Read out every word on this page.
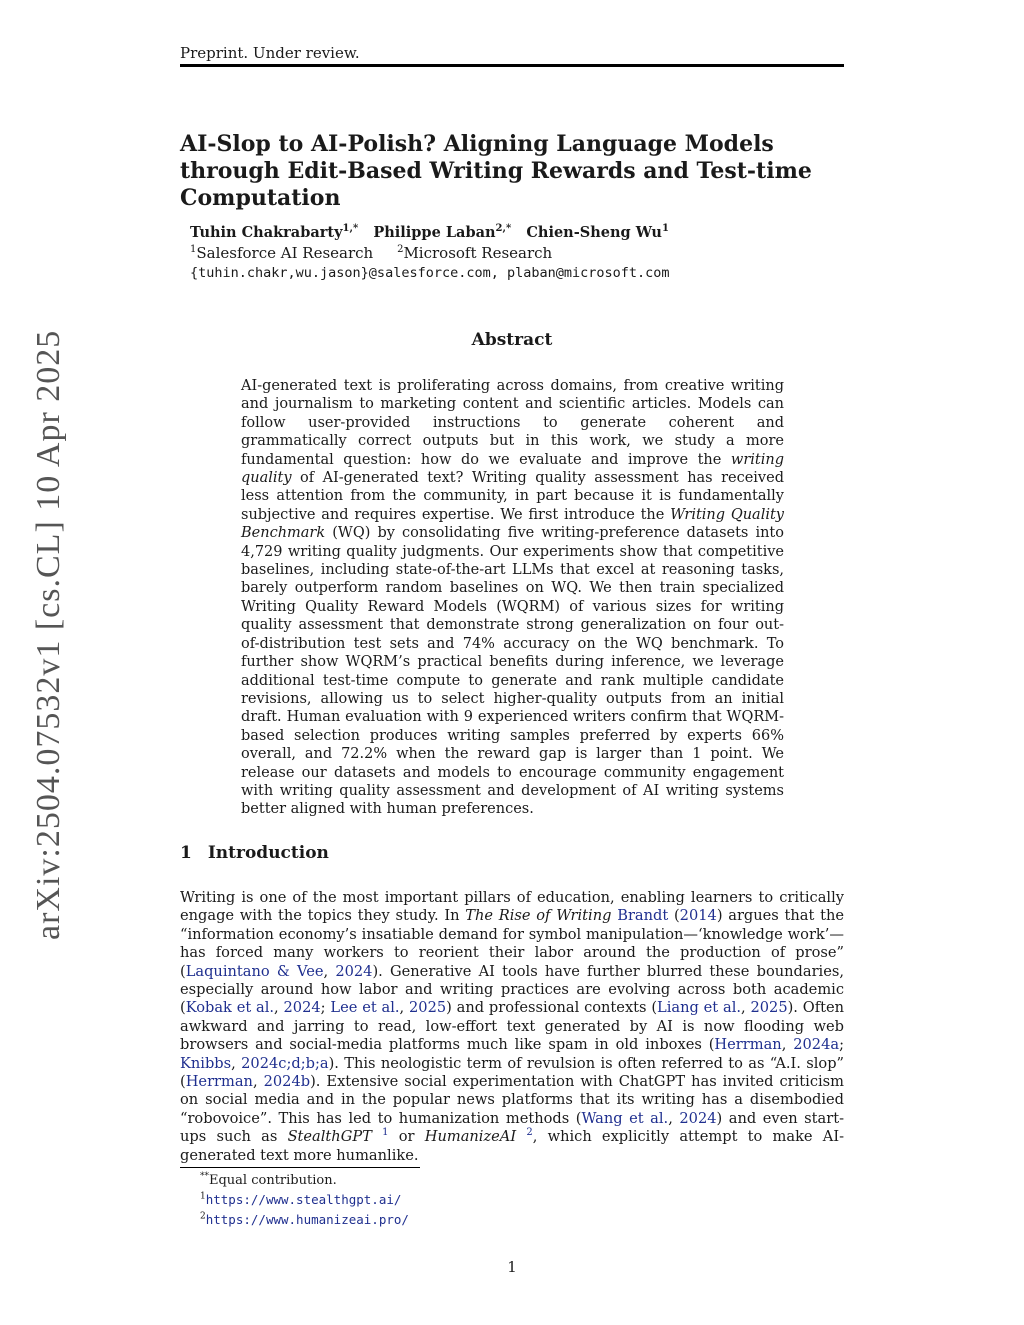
Preprint. Under review.
arXiv:2504.07532v1 [cs.CL] 10 Apr 2025
AI-Slop to AI-Polish? Aligning Language Models through Edit-Based Writing Rewards and Test-time Computation
Tuhin Chakrabarty$^{1,*}$ Philippe Laban$^{2,*}$ Chien-Sheng Wu$^1$
$^1$Salesforce AI Research $^2$Microsoft Research
{tuhin.chakr,wu.jason}@salesforce.com, plaban@microsoft.com
Abstract
AI-generated text is proliferating across domains, from creative writing and journalism to marketing content and scientific articles. Models can follow user-provided instructions to generate coherent and grammatically correct outputs but in this work, we study a more fundamental question: how do we evaluate and improve the writing quality of AI-generated text? Writing quality assessment has received less attention from the community, in part because it is fundamentally subjective and requires expertise. We first introduce the Writing Quality Benchmark (WQ) by consolidating five writing-preference datasets into 4,729 writing quality judgments. Our experiments show that competitive baselines, including state-of-the-art LLMs that excel at reasoning tasks, barely outperform random baselines on WQ. We then train specialized Writing Quality Reward Models (WQRM) of various sizes for writing quality assessment that demonstrate strong generalization on four out-of-distribution test sets and 74% accuracy on the WQ benchmark. To further show WQRM’s practical benefits during inference, we leverage additional test-time compute to generate and rank multiple candidate revisions, allowing us to select higher-quality outputs from an initial draft. Human evaluation with 9 experienced writers confirm that WQRM-based selection produces writing samples preferred by experts 66% overall, and 72.2% when the reward gap is larger than 1 point. We release our datasets and models to encourage community engagement with writing quality assessment and development of AI writing systems better aligned with human preferences.
1 Introduction
Writing is one of the most important pillars of education, enabling learners to critically engage with the topics they study. In The Rise of Writing Brandt (2014) argues that the “information economy’s insatiable demand for symbol manipulation—‘knowledge work’—has forced many workers to reorient their labor around the production of prose” (Laquintano & Vee, 2024). Generative AI tools have further blurred these boundaries, especially around how labor and writing practices are evolving across both academic (Kobak et al., 2024; Lee et al., 2025) and professional contexts (Liang et al., 2025). Often awkward and jarring to read, low-effort text generated by AI is now flooding web browsers and social-media platforms much like spam in old inboxes (Herrman, 2024a; Knibbs, 2024c;d;b;a). This neologistic term of revulsion is often referred to as “A.I. slop” (Herrman, 2024b). Extensive social experimentation with ChatGPT has invited criticism on social media and in the popular news platforms that its writing has a disembodied “robovoice”. This has led to humanization methods (Wang et al., 2024) and even start-ups such as StealthGPT $^1$ or HumanizeAI $^2$, which explicitly attempt to make AI-generated text more humanlike.
**Equal contribution.
$^1$https://www.stealthgpt.ai/
$^2$https://www.humanizeai.pro/
1
